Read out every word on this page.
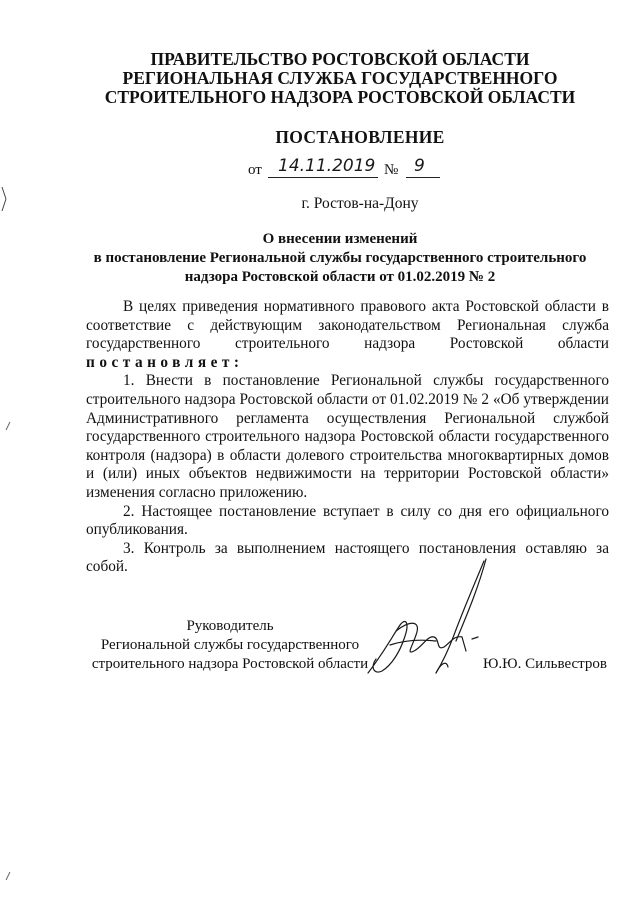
ПРАВИТЕЛЬСТВО РОСТОВСКОЙ ОБЛАСТИ
РЕГИОНАЛЬНАЯ СЛУЖБА ГОСУДАРСТВЕННОГО
СТРОИТЕЛЬНОГО НАДЗОРА РОСТОВСКОЙ ОБЛАСТИ
ПОСТАНОВЛЕНИЕ
от 14.11.2019 № 9
г. Ростов-на-Дону
О внесении изменений
в постановление Региональной службы государственного строительного
надзора Ростовской области от 01.02.2019 № 2
В целях приведения нормативного правового акта Ростовской области в
соответствие с действующим законодательством Региональная служба
государственного строительного надзора Ростовской области
постановляет:
1. Внести в постановление Региональной службы государственного
строительного надзора Ростовской области от 01.02.2019 № 2 «Об утверждении
Административного регламента осуществления Региональной службой
государственного строительного надзора Ростовской области государственного
контроля (надзора) в области долевого строительства многоквартирных домов
и (или) иных объектов недвижимости на территории Ростовской области»
изменения согласно приложению.
2. Настоящее постановление вступает в силу со дня его официального
опубликования.
3. Контроль за выполнением настоящего постановления оставляю за
собой.
Руководитель
Региональной службы государственного
строительного надзора Ростовской области	Ю.Ю. Сильвестров
